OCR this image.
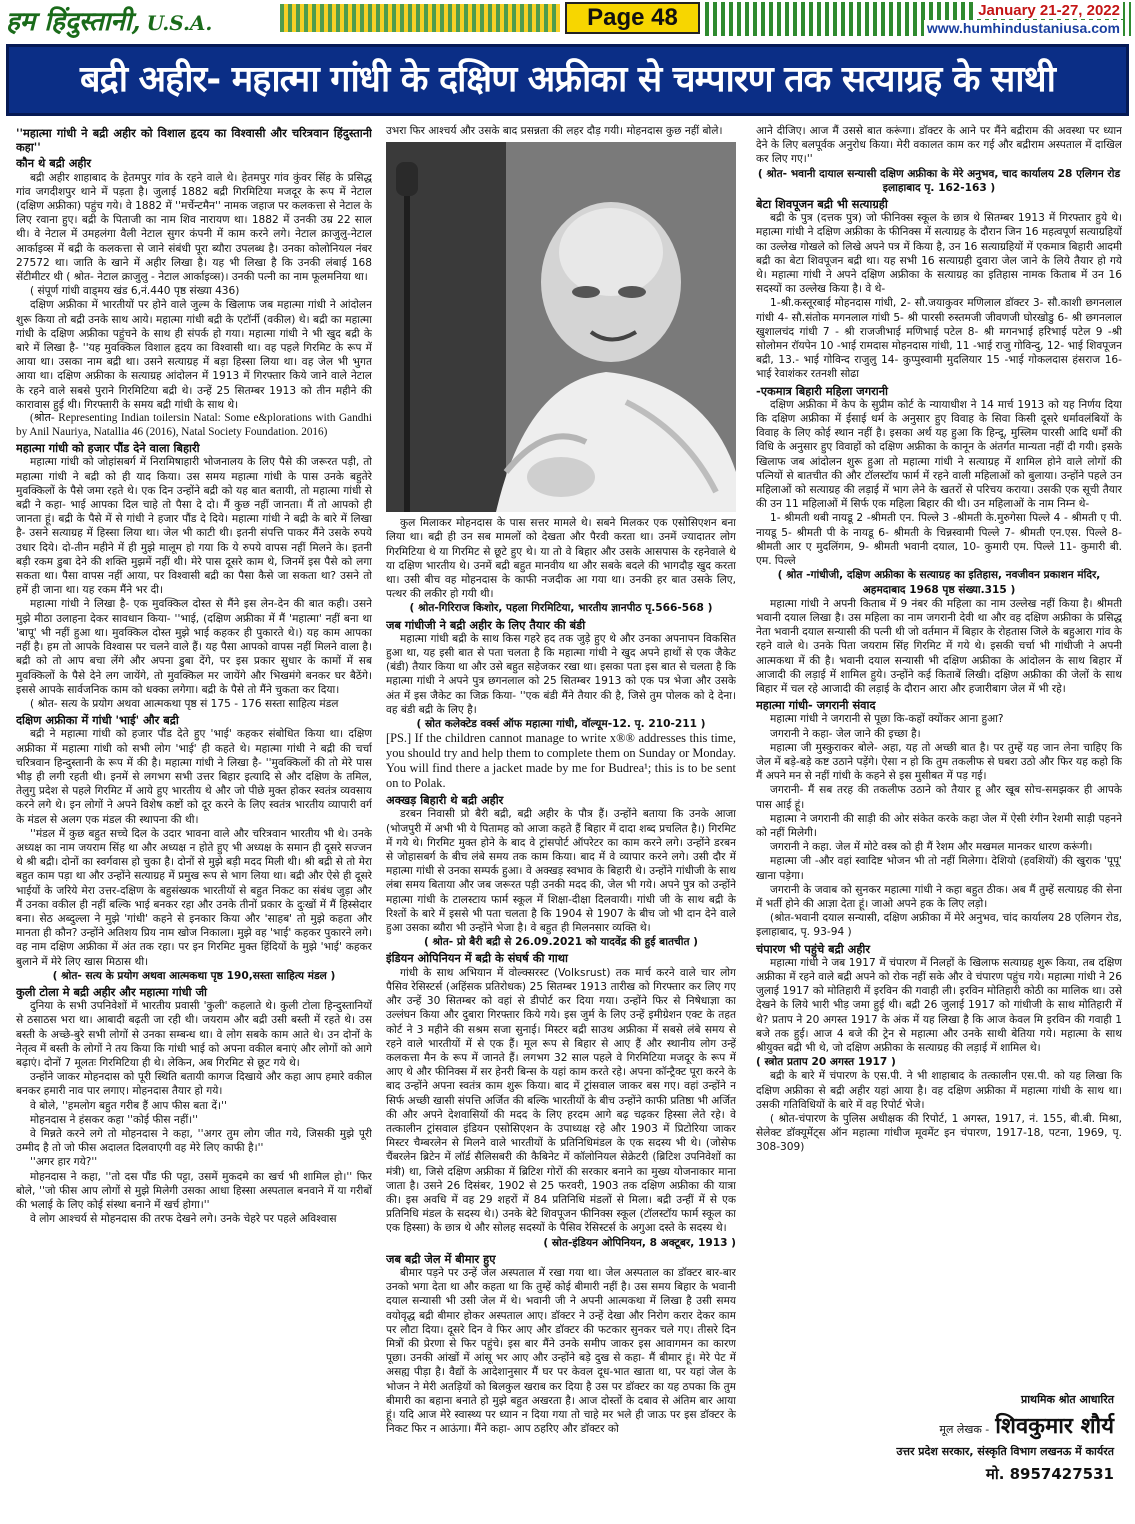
हम हिंदुस्तानी, U.S.A.	Page 48	January 21-27, 2022
www.humhindustaniusa.com
बद्री अहीर- महात्मा गांधी के दक्षिण अफ्रीका से चम्पारण तक सत्याग्रह के साथी

''महात्मा गांधी ने बद्री अहीर को विशाल हृदय का विश्वासी और चरित्रवान हिंदुस्तानी कहा''

कौन थे बद्री अहीर

बद्री अहीर शाहाबाद के हेतमपुर गांव के रहने वाले थे। हेतमपुर गांव कुंवर सिंह के प्रसिद्ध गांव जगदीशपुर थाने में पड़ता है। जुलाई 1882 बद्री गिरमिटिया मजदूर के रूप में नेटाल (दक्षिण अफ्रीका) पहुंच गये। वे 1882 में ''मर्चेन्टमैन'' नामक जहाज पर कलकत्ता से नेटाल के लिए रवाना हुए। बद्री के पिताजी का नाम शिव नारायण था। 1882 में उनकी उम्र 22 साल थी। वे नेटाल में उमहलंगा वैली नेटाल सुगर कंपनी में काम करने लगे। नेटाल क्राजुलु-नेटाल आर्काइव्स में बद्री के कलकत्ता से जाने संबंधी पूरा ब्यौरा उपलब्ध है। उनका कोलोनियल नंबर 27572 था। जाति के खाने में अहीर लिखा है। यह भी लिखा है कि उनकी लंबाई 168 सेंटीमीटर थी ( श्रोत- नेटाल क्राजुलु - नेटाल आर्काइव्स)। उनकी पत्नी का नाम फूलमनिया था।

( संपूर्ण गांधी वाड्मय खंड 6,नं.440 पृष्ठ संख्या 436)

दक्षिण अफ्रीका में भारतीयों पर होने वाले जुल्म के खिलाफ जब महात्मा गांधी ने आंदोलन शुरू किया तो बद्री उनके साथ आये। महात्मा गांधी बद्री के एटॉर्नी (वकील) थे। बद्री का महात्मा गांधी के दक्षिण अफ्रीका पहुंचने के साथ ही संपर्क हो गया। महात्मा गांधी ने भी खुद बद्री के बारे में लिखा है- ''यह मुवक्किल विशाल हृदय का विश्वासी था। वह पहले गिरमिट के रूप में आया था। उसका नाम बद्री था। उसने सत्याग्रह में बड़ा हिस्सा लिया था। वह जेल भी भुगत आया था। दक्षिण अफ्रीका के सत्याग्रह आंदोलन में 1913 में गिरफ्तार किये जाने वाले नेटाल के रहने वाले सबसे पुराने गिरमिटिया बद्री थे। उन्हें 25 सितम्बर 1913 को तीन महीने की कारावास हुई थी। गिरफ्तारी के समय बद्री गांधी के साथ थे।

(श्रोत- Representing Indian toilersin Natal: Some e&plorations with Gandhi by Anil Nauriya, Natallia 46 (2016), Natal Society Foundation. 2016)

महात्मा गांधी को हजार पौंड देने वाला बिहारी

महात्मा गांधी को जोहांसबर्ग में निरामिषाहारी भोजनालय के लिए पैसे की जरूरत पड़ी, तो महात्मा गांधी ने बद्री को ही याद किया। उस समय महात्मा गांधी के पास उनके बहुतेरे मुवक्किलों के पैसे जमा रहते थे। एक दिन उन्होंने बद्री को यह बात बतायी, तो महात्मा गांधी से बद्री ने कहा- भाई आपका दिल चाहे तो पैसा दे दो। मैं कुछ नहीं जानता। मैं तो आपको ही जानता हूं। बद्री के पैसे में से गांधी ने हजार पौंड दे दिये। महात्मा गांधी ने बद्री के बारे में लिखा है- उसने सत्याग्रह में हिस्सा लिया था। जेल भी काटी थी। इतनी संपत्ति पाकर मैंने उसके रुपये उधार दिये। दो-तीन महीने में ही मुझे मालूम हो गया कि ये रुपये वापस नहीं मिलने के। इतनी बड़ी रकम डुबा देने की शक्ति मुझमें नहीं थी। मेरे पास दूसरे काम थे, जिनमें इस पैसे को लगा सकता था। पैसा वापस नहीं आया, पर विश्वासी बद्री का पैसा कैसे जा सकता था? उसने तो हमें ही जाना था। यह रकम मैंने भर दी।

महात्मा गांधी ने लिखा है- एक मुवक्किल दोस्त से मैंने इस लेन-देन की बात कही। उसने मुझे मीठा उलाहना देकर सावधान किया- ''भाई, (दक्षिण अफ्रीका में मैं 'महात्मा' नहीं बना था 'बापू' भी नहीं हुआ था। मुवक्किल दोस्त मुझे भाई कहकर ही पुकारते थे।) यह काम आपका नहीं है। हम तो आपके विश्वास पर चलने वाले हैं। यह पैसा आपको वापस नहीं मिलने वाला है। बद्री को तो आप बचा लेंगे और अपना डुबा देंगे, पर इस प्रकार सुधार के कामों में सब मुवक्किलों के पैसे देने लग जायेंगे, तो मुवक्किल मर जायेंगे और भिखमंगे बनकर घर बैठेंगे। इससे आपके सार्वजनिक काम को धक्का लगेगा। बद्री के पैसे तो मैंने चुकता कर दिया।

( श्रोत- सत्य के प्रयोग अथवा आत्मकथा पृष्ठ सं 175 - 176 सस्ता साहित्य मंडल

दक्षिण अफ्रीका में गांधी 'भाई' और बद्री

बद्री ने महात्मा गांधी को हजार पौंड देते हुए 'भाई' कहकर संबोधित किया था। दक्षिण अफ्रीका में महात्मा गांधी को सभी लोग 'भाई' ही कहते थे। महात्मा गांधी ने बद्री की चर्चा चरित्रवान हिन्दुस्तानी के रूप में की है। महात्मा गांधी ने लिखा है- ''मुवक्किलों की तो मेरे पास भीड़ ही लगी रहती थी। इनमें से लगभग सभी उत्तर बिहार इत्यादि से और दक्षिण के तमिल, तेलुगु प्रदेश से पहले गिरमिट में आये हुए भारतीय थे और जो पीछे मुक्त होकर स्वतंत्र व्यवसाय करने लगे थे। इन लोगों ने अपने विशेष कष्टों को दूर करने के लिए स्वतंत्र भारतीय व्यापारी वर्ग के मंडल से अलग एक मंडल की स्थापना की थी।

''मंडल में कुछ बहुत सच्चे दिल के उदार भावना वाले और चरित्रवान भारतीय भी थे। उनके अध्यक्ष का नाम जयराम सिंह था और अध्यक्ष न होते हुए भी अध्यक्ष के समान ही दूसरे सज्जन थे श्री बद्री। दोनों का स्वर्गवास हो चुका है। दोनों से मुझे बड़ी मदद मिली थी। श्री बद्री से तो मेरा बहुत काम पड़ा था और उन्होंने सत्याग्रह में प्रमुख रूप से भाग लिया था। बद्री और ऐसे ही दूसरे भाईयों के जरिये मेरा उत्तर-दक्षिण के बहुसंख्यक भारतीयों से बहुत निकट का संबंध जुड़ा और मैं उनका वकील ही नहीं बल्कि भाई बनकर रहा और उनके तीनों प्रकार के दुःखों में मैं हिस्सेदार बना। सेठ अब्दुल्ला ने मुझे 'गांधी' कहने से इनकार किया और 'साहब' तो मुझे कहता और मानता ही कौन? उन्होंने अतिशय प्रिय नाम खोज निकाला। मुझे वह 'भाई' कहकर पुकारने लगे। वह नाम दक्षिण अफ्रीका में अंत तक रहा। पर इन गिरमिट मुक्त हिंदियों के मुझे 'भाई' कहकर बुलाने में मेरे लिए खास मिठास थी।

( श्रोत- सत्य के प्रयोग अथवा आत्मकथा पृष्ठ 190,सस्ता साहित्य मंडल )

कुली टोला मे बद्री अहीर और महात्मा गांधी जी

दुनिया के सभी उपनिवेशों में भारतीय प्रवासी 'कुली' कहलाते थे। कुली टोला हिन्दुस्तानियों से ठसाठस भरा था। आबादी बढ़ती जा रही थी। जयराम और बद्री उसी बस्ती में रहते थे। उस बस्ती के अच्छे-बुरे सभी लोगों से उनका सम्बन्ध था। वे लोग सबके काम आते थे। उन दोनों के नेतृत्व में बस्ती के लोगों ने तय किया कि गांधी भाई को अपना वकील बनाएं और लोगों को आगे बढ़ाएं। दोनों 7 मूलतः गिरमिटिया ही थे। लेकिन, अब गिरमिट से छूट गये थे।

उन्होंने जाकर मोहनदास को पूरी स्थिति बतायी कागज दिखाये और कहा आप हमारे वकील बनकर हमारी नाव पार लगाए। मोहनदास तैयार हो गये।

वे बोले, ''हमलोग बहुत गरीब हैं आप फीस बता दें।''

मोहनदास ने हंसकर कहा ''कोई फीस नहीं।''

वे मिन्नते करने लगे तो मोहनदास ने कहा, ''अगर तुम लोग जीत गये, जिसकी मुझे पूरी उम्मीद है तो जो फीस अदालत दिलवाएगी वह मेरे लिए काफी है।''

''अगर हार गये?''

मोहनदास ने कहा, ''तो दस पौंड फी पट्टा, उसमें मुकदमे का खर्च भी शामिल हो।'' फिर बोले, ''जो फीस आप लोगों से मुझे मिलेगी उसका आधा हिस्सा अस्पताल बनवाने में या गरीबों की भलाई के लिए कोई संस्था बनाने में खर्च होगा।''

वे लोग आश्चर्य से मोहनदास की तरफ देखने लगे। उनके चेहरे पर पहले अविश्वास

उभरा फिर आश्चर्य और उसके बाद प्रसन्नता की लहर दौड़ गयी। मोहनदास कुछ नहीं बोले।

कुल मिलाकर मोहनदास के पास सत्तर मामले थे। सबने मिलकर एक एसोसिएशन बना लिया था। बद्री ही उन सब मामलों को देखता और पैरवी करता था। उनमें ज्यादातर लोग गिरमिटिया थे या गिरमिट से छूटे हुए थे। या तो वे बिहार और उसके आसपास के रहनेवाले थे या दक्षिण भारतीय थे। उनमें बद्री बहुत मानवीय था और सबके बदले की भागदौड़ खुद करता था। उसी बीच वह मोहनदास के काफी नजदीक आ गया था। उनकी हर बात उसके लिए, पत्थर की लकीर हो गयी थी।

( श्रोत-गिरिराज किशोर, पहला गिरमिटिया, भारतीय ज्ञानपीठ पृ.566-568 )

जब गांधीजी ने बद्री अहीर के लिए तैयार की बंडी

महात्मा गांधी बद्री के साथ किस गहरे हद तक जुड़े हुए थे और उनका अपनापन विकसित हुआ था, यह इसी बात से पता चलता है कि महात्मा गांधी ने खुद अपने हाथों से एक जैकेट (बंडी) तैयार किया था और उसे बहुत सहेजकर रखा था। इसका पता इस बात से चलता है कि महात्मा गांधी ने अपने पुत्र छगनलाल को 25 सितम्बर 1913 को एक पत्र भेजा और उसके अंत में इस जैकेट का जिक्र किया- ''एक बंडी मैंने तैयार की है, जिसे तुम पोलक को दे देना। वह बंडी बद्री के लिए है।

( स्रोत कलेक्टेड वर्क्स ऑफ महात्मा गांधी, वॉल्यूम-12. पृ. 210-211 )

[PS.] If the children cannot manage to write x®® addresses this time, you should try and help them to complete them on Sunday or Monday. You will find there a jacket made by me for Budrea¹; this is to be sent on to Polak.

अक्खड़ बिहारी थे बद्री अहीर

डरबन निवासी प्रो बैरी बद्री, बद्री अहीर के पौत्र हैं। उन्होंने बताया कि उनके आजा (भोजपुरी में अभी भी ये पितामह को आजा कहते हैं बिहार में दादा शब्द प्रचलित है।) गिरमिट में गये थे। गिरमिट मुक्त होने के बाद वे ट्रांसपोर्ट ऑपरेटर का काम करने लगे। उन्होंने डरबन से जोहासबर्ग के बीच लंबे समय तक काम किया। बाद में वे व्यापार करने लगे। उसी दौर में महात्मा गांधी से उनका सम्पर्क हुआ। वे अक्खड़ स्वभाव के बिहारी थे। उन्होंने गांधीजी के साथ लंबा समय बिताया और जब जरूरत पड़ी उनकी मदद की, जेल भी गये। अपने पुत्र को उन्होंने महात्मा गांधी के टालस्टाय फार्म स्कूल में शिक्षा-दीक्षा दिलवायी। गांधी जी के साथ बद्री के रिश्तों के बारे में इससे भी पता चलता है कि 1904 से 1907 के बीच जो भी दान देने वाले हुआ उसका ब्यौरा भी उन्होंने भेजा है। वे बहुत ही मिलनसार व्यक्ति थे।

( श्रोत- प्रो बैरी बद्री से 26.09.2021 को यादवेंद्र की हुई बातचीत )

इंडियन ओपिनियन में बद्री के संघर्ष की गाथा

गांधी के साथ अभियान में वोल्क्सरस्ट (Volksrust) तक मार्च करने वाले चार लोग पैसिव रेसिस्टर्स (अहिंसक प्रतिरोधक) 25 सितम्बर 1913 तारीख को गिरफ्तार कर लिए गए और उन्हें 30 सितम्बर को वहां से डीपोर्ट कर दिया गया। उन्होंने फिर से निषेधाज्ञा का उल्लंघन किया और दुबारा गिरफ्तार किये गये। इस जुर्म के लिए उन्हें इमीग्रेशन एक्ट के तहत कोर्ट ने 3 महीने की सश्रम सजा सुनाई। मिस्टर बद्री साउथ अफ्रीका में सबसे लंबे समय से रहने वाले भारतीयों में से एक हैं। मूल रूप से बिहार से आए हैं और स्थानीय लोग उन्हें कलकत्ता मैन के रूप में जानते हैं। लगभग 32 साल पहले वे गिरमिटिया मजदूर के रूप में आए थे और फीनिक्स में सर हेनरी बिन्स के यहां काम करते रहे। अपना कॉन्ट्रैक्ट पूरा करने के बाद उन्होंने अपना स्वतंत्र काम शुरू किया। बाद में ट्रांसवाल जाकर बस गए। वहां उन्होंने न सिर्फ अच्छी खासी संपत्ति अर्जित की बल्कि भारतीयों के बीच उन्होंने काफी प्रतिष्ठा भी अर्जित की और अपने देशवासियों की मदद के लिए हरदम आगे बढ़ चढ़कर हिस्सा लेते रहे। वे तत्कालीन ट्रांसवाल इंडियन एसोसिएशन के उपाध्यक्ष रहे और 1903 में प्रिटोरिया जाकर मिस्टर चैम्बरलेन से मिलने वाले भारतीयों के प्रतिनिधिमंडल के एक सदस्य भी थे। (जोसेफ चैंबरलेन ब्रिटेन में लॉर्ड सैलिसबरी की कैबिनेट में कॉलोनियल सेक्रेटरी (ब्रिटिश उपनिवेशों का मंत्री) था, जिसे दक्षिण अफ्रीका में ब्रिटिश गोरों की सरकार बनाने का मुख्य योजनाकार माना जाता है। उसने 26 दिसंबर, 1902 से 25 फरवरी, 1903 तक दक्षिण अफ्रीका की यात्रा की। इस अवधि में वह 29 शहरों में 84 प्रतिनिधि मंडलों से मिला। बद्री उन्हीं में से एक प्रतिनिधि मंडल के सदस्य थे।) उनके बेटे शिवपूजन फीनिक्स स्कूल (टॉलस्टॉय फार्म स्कूल का एक हिस्सा) के छात्र थे और सोलह सदस्यों के पैसिव रेसिस्टर्स के अगुआ दस्ते के सदस्य थे।

( स्रोत-इंडियन ओपिनियन, 8 अक्टूबर, 1913 )

जब बद्री जेल में बीमार हुए

बीमार पड़ने पर उन्हें जेल अस्पताल में रखा गया था। जेल अस्पताल का डॉक्टर बार-बार उनको भगा देता था और कहता था कि तुम्हें कोई बीमारी नहीं है। उस समय बिहार के भवानी दयाल सन्यासी भी उसी जेल में थे। भवानी जी ने अपनी आत्मकथा में लिखा है उसी समय वयोवृद्ध बद्री बीमार होकर अस्पताल आए। डॉक्टर ने उन्हें देखा और निरोग करार देकर काम पर लौटा दिया। दूसरे दिन वे फिर आए और डॉक्टर की फटकार सुनकर चले गए। तीसरे दिन मित्रों की प्रेरणा से फिर पहुंचे। इस बार मैंने उनके समीप जाकर इस आवागमन का कारण पूछा। उनकी आंखों में आंसू भर आए और उन्होंने बड़े दुख से कहा- मैं बीमार हूं। मेरे पेट में असह्य पीड़ा है। वैद्यों के आदेशानुसार मैं घर पर केवल दूध-भात खाता था, पर यहां जेल के भोजन ने मेरी अतड़ियों को बिलकुल खराब कर दिया है उस पर डॉक्टर का यह ठपका कि तुम बीमारी का बहाना बनाते हो मुझे बहुत अखरता है। आज दोस्तों के दबाव से अंतिम बार आया हूं। यदि आज मेरे स्वास्थ्य पर ध्यान न दिया गया तो चाहे मर भले ही जाऊ पर इस डॉक्टर के निकट फिर न आऊंगा। मैंने कहा- आप ठहरिए और डॉक्टर को

आने दीजिए। आज मैं उससे बात करूंगा। डॉक्टर के आने पर मैंने बद्रीराम की अवस्था पर ध्यान देने के लिए बलपूर्वक अनुरोध किया। मेरी वकालत काम कर गई और बद्रीराम अस्पताल में दाखिल कर लिए गए।''

( श्रोत- भवानी दायाल सन्यासी दक्षिण अफ्रीका के मेरे अनुभव, चाद कार्यालय 28 एलिगन रोड इलाहाबाद पृ. 162-163 )

बेटा शिवपूजन बद्री भी सत्याग्रही

बद्री के पुत्र (दत्तक पुत्र) जो फीनिक्स स्कूल के छात्र थे सितम्बर 1913 में गिरफ्तार हुये थे। महात्मा गांधी ने दक्षिण अफ्रीका के फीनिक्स में सत्याग्रह के दौरान जिन 16 महत्वपूर्ण सत्याग्रहियों का उल्लेख गोखले को लिखे अपने पत्र में किया है, उन 16 सत्याग्रहियों में एकमात्र बिहारी आदमी बद्री का बेटा शिवपूजन बद्री था। यह सभी 16 सत्याग्रही दुवारा जेल जाने के लिये तैयार हो गये थे। महात्मा गांधी ने अपने दक्षिण अफ्रीका के सत्याग्रह का इतिहास नामक किताब में उन 16 सदस्यों का उल्लेख किया है। वे थे-

1-श्री.कस्तूरबाई मोहनदास गांधी, 2- सौ.जयाकुवर मणिलाल डॉक्टर 3- सौ.काशी छगनलाल गांधी 4- सौ.संतोक मगनलाल गांधी 5- श्री पारसी रुस्तमजी जीवणजी घोरखोडु 6- श्री छगनलाल खुशालचंद गांधी 7 - श्री राजजीभाई मणिभाई पटेल 8- श्री मगनभाई हरिभाई पटेल 9 -श्री सोलोमन रॉयपेन 10 -भाई रामदास मोहनदास गांधी, 11 -भाई राजु गोविन्दु, 12- भाई शिवपूजन बद्री, 13.- भाई गोविन्द राजुलु 14- कुप्पुस्वामी मुदलियार 15 -भाई गोकलदास हंसराज 16- भाई रेवाशंकर रतनशी सोढा

-एकमात्र बिहारी महिला जगरानी

दक्षिण अफ्रीका में केप के सुप्रीम कोर्ट के न्यायाधीश ने 14 मार्च 1913 को यह निर्णय दिया कि दक्षिण अफ्रीका में ईसाई धर्म के अनुसार हुए विवाह के सिवा किसी दूसरे धर्मावलंबियों के विवाह के लिए कोई स्थान नहीं है। इसका अर्थ यह हुआ कि हिन्दू, मुस्लिम पारसी आदि धर्मों की विधि के अनुसार हुए विवाहों को दक्षिण अफ्रीका के कानून के अंतर्गत मान्यता नहीं दी गयी। इसके खिलाफ जब आंदोलन शुरू हुआ तो महात्मा गांधी ने सत्याग्रह में शामिल होने वाले लोगों की पत्नियों से बातचीत की और टॉलस्टॉय फार्म में रहने वाली महिलाओं को बुलाया। उन्होंने पहले उन महिलाओं को सत्याग्रह की लड़ाई में भाग लेने के खतरों से परिचय कराया। उसकी एक सूची तैयार की उन 11 महिलाओं में सिर्फ एक महिला बिहार की थी। उन महिलाओं के नाम निम्न थे-

1- श्रीमती थबी नायडू 2 -श्रीमती एन. पिल्ले 3 -श्रीमती के.मुरुगेसा पिल्ले 4 - श्रीमती ए पी. नायडू 5- श्रीमती पी के नायडू 6- श्रीमती के चिन्नस्वामी पिल्ले 7- श्रीमती एन.एस. पिल्ले 8- श्रीमती आर ए मुदलिंगम, 9- श्रीमती भवानी दयाल, 10- कुमारी एम. पिल्ले 11- कुमारी बी. एम. पिल्ले

( श्रोत -गांधीजी, दक्षिण अफ्रीका के सत्याग्रह का इतिहास, नवजीवन प्रकाशन मंदिर, अहमदाबाद 1968 पृष्ठ संख्या.315 )

महात्मा गांधी ने अपनी किताब में 9 नंबर की महिला का नाम उल्लेख नहीं किया है। श्रीमती भवानी दयाल लिखा है। उस महिला का नाम जगरानी देवी था और वह दक्षिण अफ्रीका के प्रसिद्ध नेता भवानी दयाल सन्यासी की पत्नी थी जो वर्तमान में बिहार के रोहतास जिले के बहुआरा गांव के रहने वाले थे। उनके पिता जयराम सिंह गिरमिट में गये थे। इसकी चर्चा भी गांधीजी ने अपनी आत्मकथा में की है। भवानी दयाल सन्यासी भी दक्षिण अफ्रीका के आंदोलन के साथ बिहार में आजादी की लड़ाई में शामिल हुये। उन्होंने कई किताबें लिखी। दक्षिण अफ्रीका की जेलों के साथ बिहार में चल रहे आजादी की लड़ाई के दौरान आरा और हजारीबाग जेल में भी रहे।

महात्मा गांधी- जगरानी संवाद

महात्मा गांधी ने जगरानी से पूछा कि-कहों क्योंकर आना हुआ?

जगरानी ने कहा- जेल जाने की इच्छा है।

महात्मा जी मुस्कुराकर बोले- अहा, यह तो अच्छी बात है। पर तुम्हें यह जान लेना चाहिए कि जेल में बड़े-बड़े कष्ट उठाने पड़ेंगे। ऐसा न हो कि तुम तकलीफ से घबरा उठो और फिर यह कहो कि मैं अपने मन से नहीं गांधी के कहने से इस मुसीबत में पड़ गई।

जगरानी- मैं सब तरह की तकलीफ उठाने को तैयार हू और खूब सोच-समझकर ही आपके पास आई हूं।

महात्मा ने जगरानी की साड़ी की ओर संकेत करके कहा जेल में ऐसी रंगीन रेशमी साड़ी पहनने को नहीं मिलेगी।

जगरानी ने कहा. जेल में मोटे वस्त्र को ही मैं रेशम और मखमल मानकर धारण करूंगी।

महात्मा जी -और वहां स्वादिष्ट भोजन भी तो नहीं मिलेगा। देशियो (हवशियों) की खुराक 'पूपू' खाना पड़ेगा।

जगरानी के जवाब को सुनकर महात्मा गांधी ने कहा बहुत ठीक। अब मैं तुम्हें सत्याग्रह की सेना में भर्ती होने की आज्ञा देता हूं। जाओ अपने हक के लिए लड़ो।

(श्रोत-भवानी दयाल सन्यासी, दक्षिण अफ्रीका में मेरे अनुभव, चांद कार्यालय 28 एलिगन रोड, इलाहाबाद, पृ. 93-94 )

चंपारण भी पहुंचे बद्री अहीर

महात्मा गांधी ने जब 1917 में चंपारण में निलहों के खिलाफ सत्याग्रह शुरू किया, तब दक्षिण अफ्रीका में रहने वाले बद्री अपने को रोक नहीं सके और वे चंपारण पहुंच गये। महात्मा गांधी ने 26 जुलाई 1917 को मोतिहारी में इरविन की गवाही ली। इरविन मोतिहारी कोठी का मालिक था। उसे देखने के लिये भारी भीड़ जमा हुई थी। बद्री 26 जुलाई 1917 को गांधीजी के साथ मोतिहारी में थे? प्रताप ने 20 अगस्त 1917 के अंक में यह लिखा है कि आज केवल मि इरविन की गवाही 1 बजे तक हुई। आज 4 बजे की ट्रेन से महात्मा और उनके साथी बेतिया गये। महात्मा के साथ श्रीयुक्त बद्री भी थे, जो दक्षिण अफ्रीका के सत्याग्रह की लड़ाई में शामिल थे।

( स्त्रोत प्रताप 20 अगस्त 1917 )

बद्री के बारे में चंपारण के एस.पी. ने भी शाहाबाद के तत्कालीन एस.पी. को यह लिखा कि दक्षिण अफ्रीका से बद्री अहीर यहां आया है। वह दक्षिण अफ्रीका में महात्मा गांधी के साथ था। उसकी गतिविधियों के बारे में वह रिपोर्ट भेजे।

( श्रोत-चंपारण के पुलिस अधीक्षक की रिपोर्ट, 1 अगस्त, 1917, नं. 155, बी.बी. मिश्रा, सेलेक्ट डॉक्यूमेंट्स ऑन महात्मा गांधीज मूवमेंट इन चंपारण, 1917-18, पटना, 1969, पृ. 308-309)

प्राथमिक श्रोत आधारित
मूल लेखक - शिवकुमार शौर्य
उत्तर प्रदेश सरकार, संस्कृति विभाग लखनऊ में कार्यरत
मो. 8957427531
